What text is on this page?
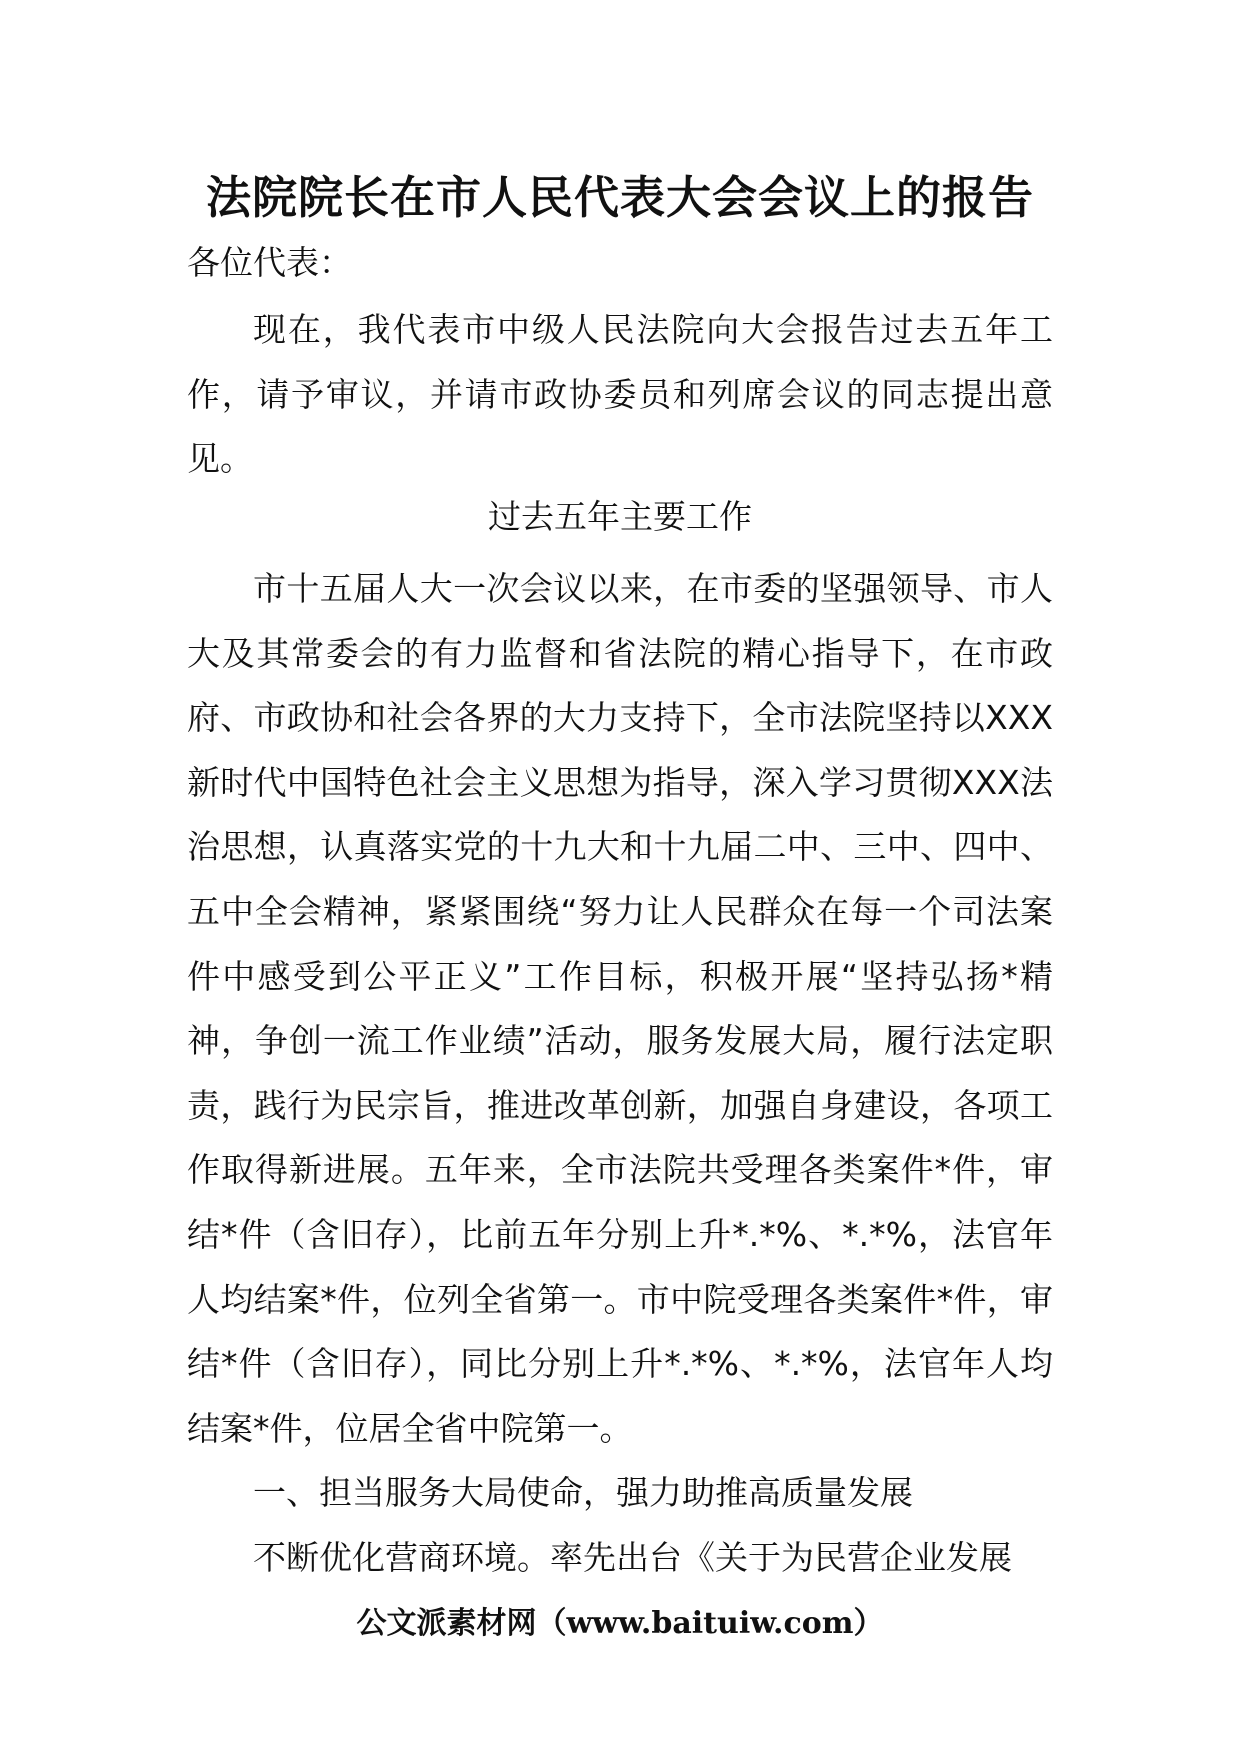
法院院长在市人民代表大会会议上的报告
各位代表：

现在，我代表市中级人民法院向大会报告过去五年工作，请予审议，并请市政协委员和列席会议的同志提出意见。

过去五年主要工作

市十五届人大一次会议以来，在市委的坚强领导、市人大及其常委会的有力监督和省法院的精心指导下，在市政府、市政协和社会各界的大力支持下，全市法院坚持以XXX新时代中国特色社会主义思想为指导，深入学习贯彻XXX法治思想，认真落实党的十九大和十九届二中、三中、四中、五中全会精神，紧紧围绕“努力让人民群众在每一个司法案件中感受到公平正义”工作目标，积极开展“坚持弘扬*精神，争创一流工作业绩”活动，服务发展大局，履行法定职责，践行为民宗旨，推进改革创新，加强自身建设，各项工作取得新进展。五年来，全市法院共受理各类案件*件，审结*件（含旧存），比前五年分别上升*.*%、*.*%，法官年人均结案*件，位列全省第一。市中院受理各类案件*件，审结*件（含旧存），同比分别上升*.*%、*.*%，法官年人均结案*件，位居全省中院第一。

一、担当服务大局使命，强力助推高质量发展

不断优化营商环境。率先出台《关于为民营企业发展

公文派素材网（www.baituiw.com）
